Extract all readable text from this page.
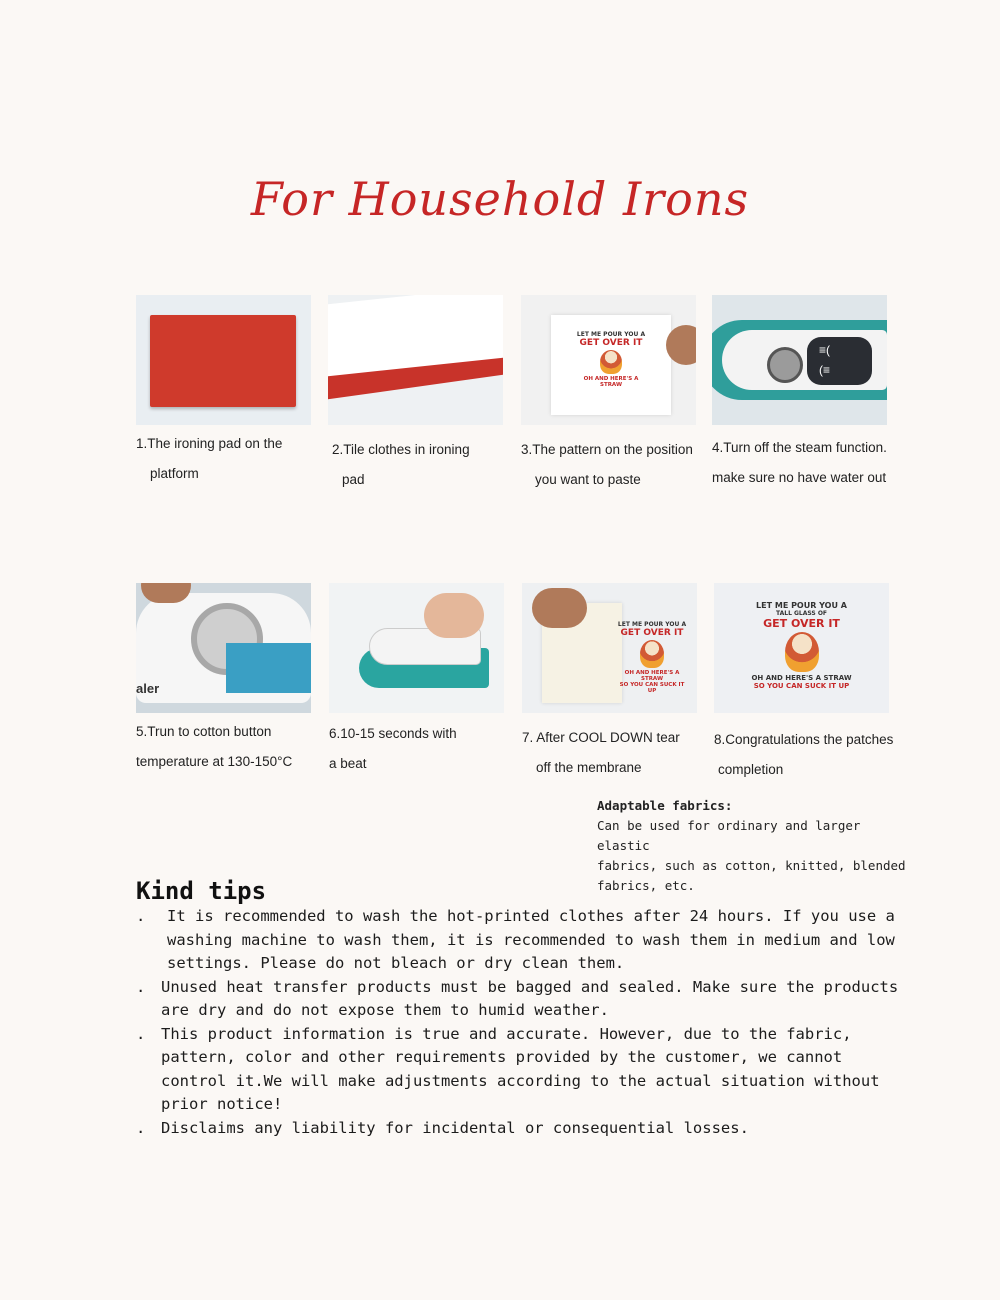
For Household Irons
1.The ironing pad on the
platform
2.Tile clothes in ironing
pad
LET ME POUR YOU A
GET OVER IT
OH AND HERE'S A STRAW
3.The pattern on the position
you want to paste
≡(
(≡
4.Turn off the steam function.
make sure no have water out
aler
5.Trun to cotton button
temperature at 130-150°C
6.10-15 seconds with
a beat
LET ME POUR YOU A
GET OVER IT
OH AND HERE'S A STRAW
SO YOU CAN SUCK IT UP
7. After COOL DOWN tear
off the membrane
LET ME POUR YOU A
TALL GLASS OF
GET OVER IT
OH AND HERE'S A STRAW
SO YOU CAN SUCK IT UP
8.Congratulations the patches
completion
Adaptable fabrics:
Can be used for ordinary and larger elastic
fabrics, such as cotton, knitted, blended
fabrics, etc.
Kind tips
. It is recommended to wash the hot-printed clothes after 24 hours. If you use a washing machine to wash them, it is recommended to wash them in medium and low settings. Please do not bleach or dry clean them.
. Unused heat transfer products must be bagged and sealed. Make sure the products are dry and do not expose them to humid weather.
. This product information is true and accurate. However, due to the fabric, pattern, color and other requirements provided by the customer, we cannot control it.We will make adjustments according to the actual situation without prior notice!
. Disclaims any liability for incidental or consequential losses.
